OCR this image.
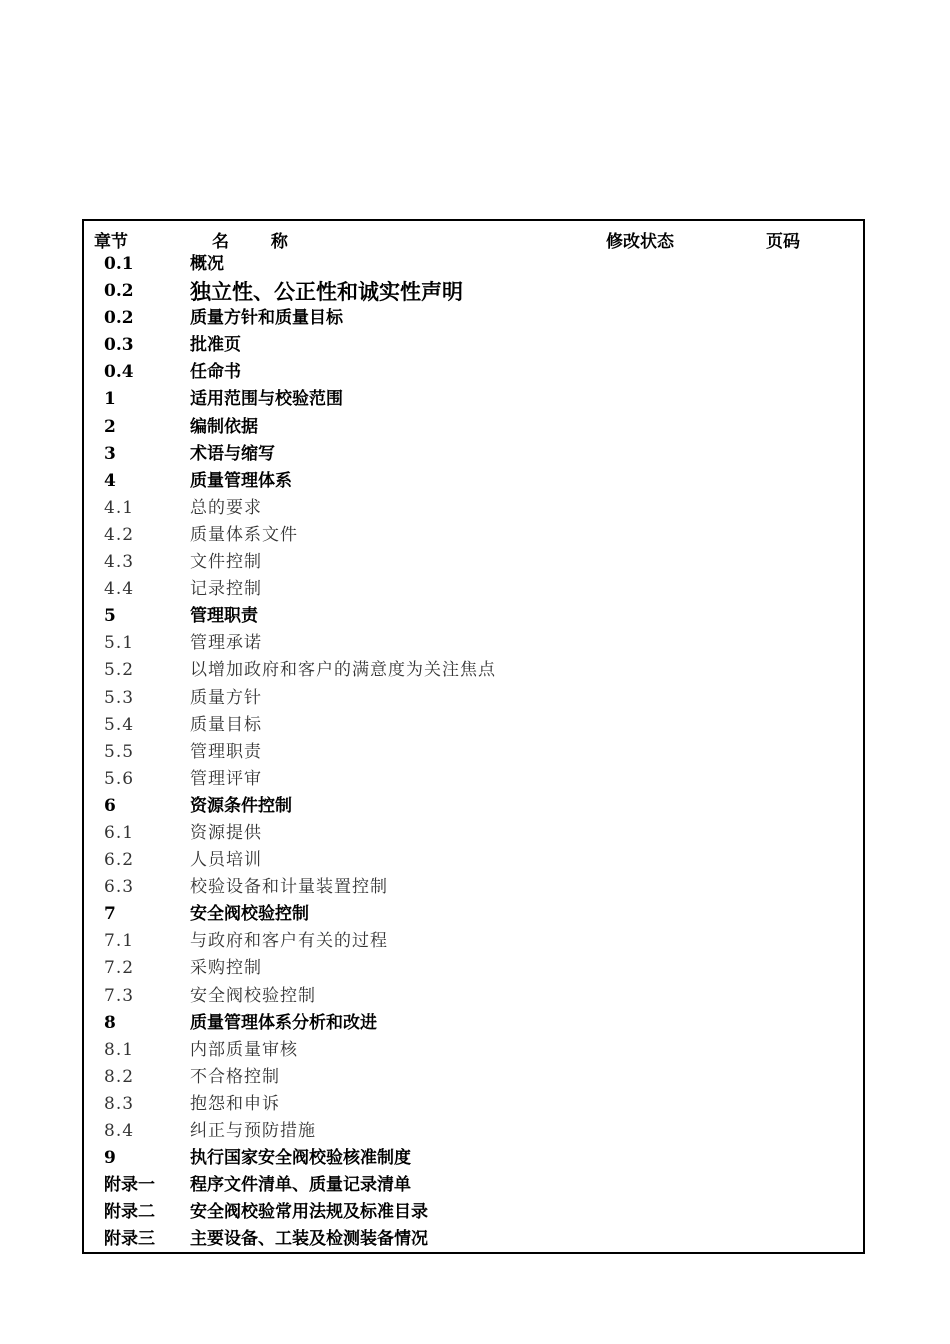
章节	名 称	修改状态	页码
0.1	概况
0.2	独立性、公正性和诚实性声明
0.2	质量方针和质量目标
0.3	批准页
0.4	任命书
1	适用范围与校验范围
2	编制依据
3	术语与缩写
4	质量管理体系
4.1	总的要求
4.2	质量体系文件
4.3	文件控制
4.4	记录控制
5	管理职责
5.1	管理承诺
5.2	以增加政府和客户的满意度为关注焦点
5.3	质量方针
5.4	质量目标
5.5	管理职责
5.6	管理评审
6	资源条件控制
6.1	资源提供
6.2	人员培训
6.3	校验设备和计量装置控制
7	安全阀校验控制
7.1	与政府和客户有关的过程
7.2	采购控制
7.3	安全阀校验控制
8	质量管理体系分析和改进
8.1	内部质量审核
8.2	不合格控制
8.3	抱怨和申诉
8.4	纠正与预防措施
9	执行国家安全阀校验核准制度
附录一 程序文件清单、质量记录清单
附录二 安全阀校验常用法规及标准目录
附录三 主要设备、工装及检测装备情况
